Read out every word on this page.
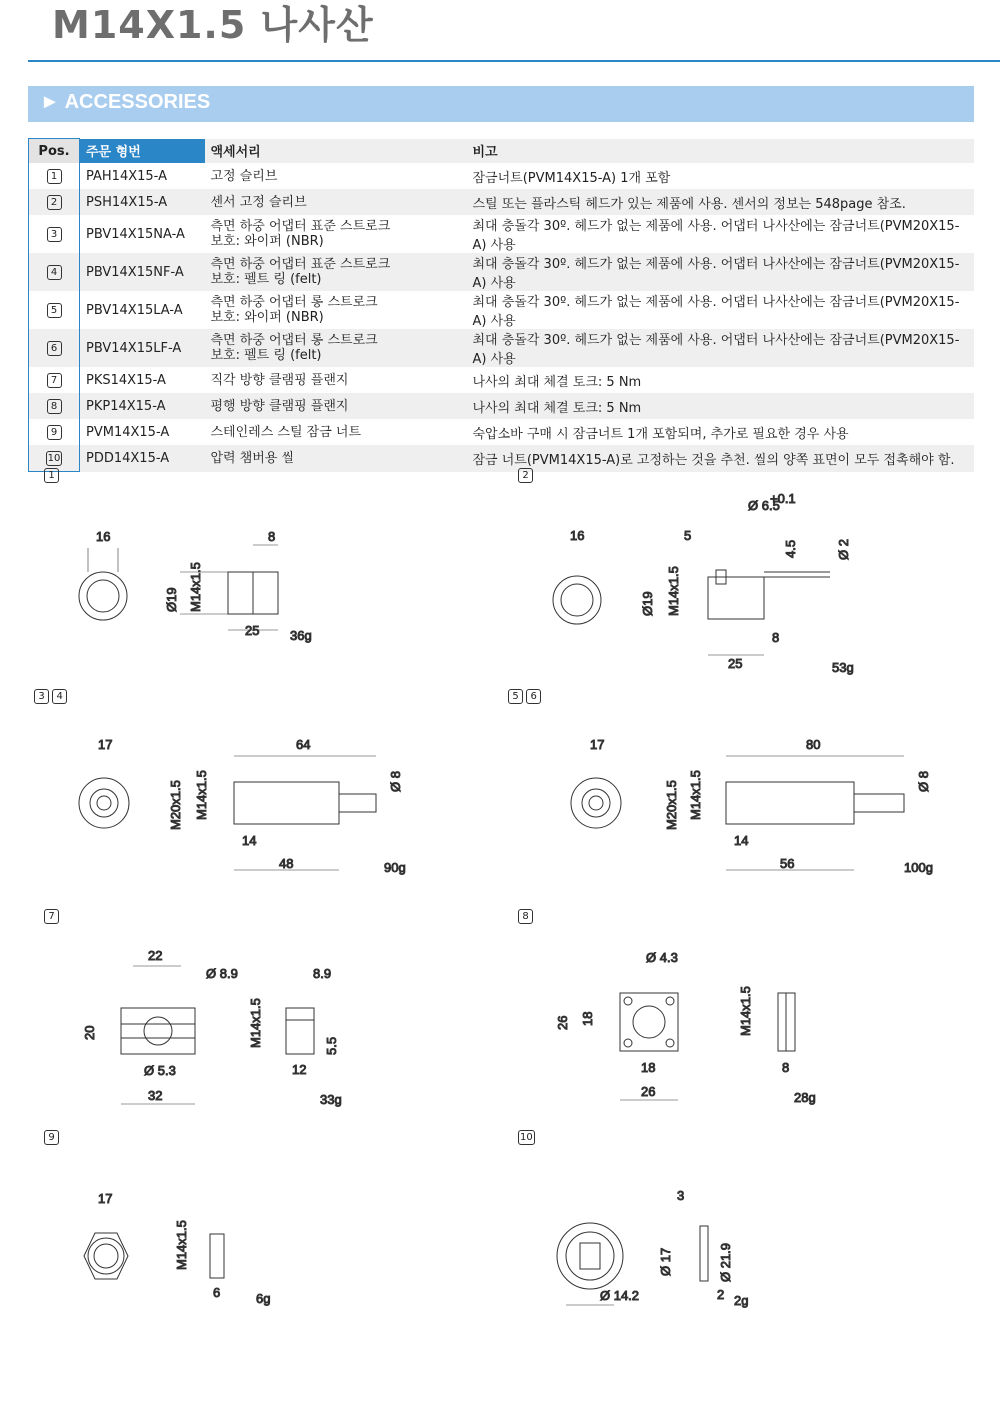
M14X1.5 나사산
► ACCESSORIES
Pos.	주문 형번	액세서리	비고
1	PAH14X15-A	고정 슬리브	잠금너트(PVM14X15-A) 1개 포함
2	PSH14X15-A	센서 고정 슬리브	스틸 또는 플라스틱 헤드가 있는 제품에 사용. 센서의 정보는 548page 참조.
3	PBV14X15NA-A	측면 하중 어댑터 표준 스트로크
보호: 와이퍼 (NBR)	최대 충돌각 30º. 헤드가 없는 제품에 사용. 어댑터 나사산에는 잠금너트(PVM20X15-A) 사용
4	PBV14X15NF-A	측면 하중 어댑터 표준 스트로크
보호: 펠트 링 (felt)	최대 충돌각 30º. 헤드가 없는 제품에 사용. 어댑터 나사산에는 잠금너트(PVM20X15-A) 사용
5	PBV14X15LA-A	측면 하중 어댑터 롱 스트로크
보호: 와이퍼 (NBR)	최대 충돌각 30º. 헤드가 없는 제품에 사용. 어댑터 나사산에는 잠금너트(PVM20X15-A) 사용
6	PBV14X15LF-A	측면 하중 어댑터 롱 스트로크
보호: 펠트 링 (felt)	최대 충돌각 30º. 헤드가 없는 제품에 사용. 어댑터 나사산에는 잠금너트(PVM20X15-A) 사용
7	PKS14X15-A	직각 방향 클램핑 플랜지	나사의 최대 체결 토크: 5 Nm
8	PKP14X15-A	평행 방향 클램핑 플랜지	나사의 최대 체결 토크: 5 Nm
9	PVM14X15-A	스테인레스 스틸 잠금 너트	숙압소바 구매 시 잠금너트 1개 포함되며, 추가로 필요한 경우 사용
10	PDD14X15-A	압력 챔버용 씰	잠금 너트(PVM14X15-A)로 고정하는 것을 추천. 씰의 양쪽 표면이 모두 접촉해야 함.
1	2
3 4	5 6
7	8
9	10
16	8
25 36g
Ø19 M14x1.5
16
Ø 6.5
+0.1
5
4.5	Ø 2
Ø19 M14x1.5
8
25	53g
17	64
Ø 8
M20x1.5 M14x1.5
14
48	90g
17	80
Ø 8
M20x1.5 M14x1.5
14
56	100g
22
Ø 8.9
20
Ø 5.3
32
M14x1.5
8.9
5.5
12
33g
Ø 4.3
26 18
18
26
M14x1.5
8
28g
17
M14x1.5
6	6g
3
Ø 17	Ø 21.9
Ø 14.2	2 2g
